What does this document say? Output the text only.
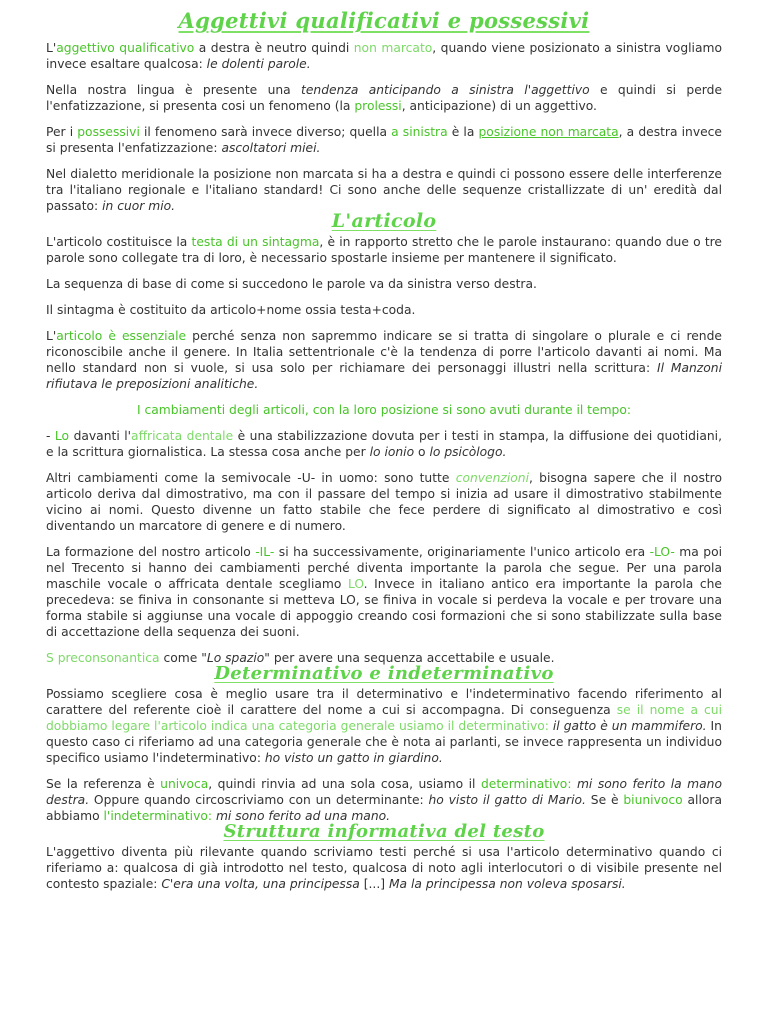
Aggettivi qualificativi e possessivi

L'aggettivo qualificativo a destra è neutro quindi non marcato, quando viene posizionato a sinistra vogliamo invece esaltare qualcosa: le dolenti parole.

Nella nostra lingua è presente una tendenza anticipando a sinistra l'aggettivo e quindi si perde l'enfatizzazione, si presenta cosi un fenomeno (la prolessi, anticipazione) di un aggettivo.

Per i possessivi il fenomeno sarà invece diverso; quella a sinistra è la posizione non marcata, a destra invece si presenta l'enfatizzazione: ascoltatori miei.

Nel dialetto meridionale la posizione non marcata si ha a destra e quindi ci possono essere delle interferenze tra l'italiano regionale e l'italiano standard! Ci sono anche delle sequenze cristallizzate di un' eredità dal passato: in cuor mio.

L'articolo

L'articolo costituisce la testa di un sintagma, è in rapporto stretto che le parole instaurano: quando due o tre parole sono collegate tra di loro, è necessario spostarle insieme per mantenere il significato.

La sequenza di base di come si succedono le parole va da sinistra verso destra.

Il sintagma è costituito da articolo+nome ossia testa+coda.

L'articolo è essenziale perché senza non sapremmo indicare se si tratta di singolare o plurale e ci rende riconoscibile anche il genere. In Italia settentrionale c'è la tendenza di porre l'articolo davanti ai nomi. Ma nello standard non si vuole, si usa solo per richiamare dei personaggi illustri nella scrittura: Il Manzoni rifiutava le preposizioni analitiche.

I cambiamenti degli articoli, con la loro posizione si sono avuti durante il tempo:

- Lo davanti l'affricata dentale è una stabilizzazione dovuta per i testi in stampa, la diffusione dei quotidiani, e la scrittura giornalistica. La stessa cosa anche per lo ionio o lo psicòlogo.

Altri cambiamenti come la semivocale -U- in uomo: sono tutte convenzioni, bisogna sapere che il nostro articolo deriva dal dimostrativo, ma con il passare del tempo si inizia ad usare il dimostrativo stabilmente vicino ai nomi. Questo divenne un fatto stabile che fece perdere di significato al dimostrativo e così diventando un marcatore di genere e di numero.

La formazione del nostro articolo -IL- si ha successivamente, originariamente l'unico articolo era -LO- ma poi nel Trecento si hanno dei cambiamenti perché diventa importante la parola che segue. Per una parola maschile vocale o affricata dentale scegliamo LO. Invece in italiano antico era importante la parola che precedeva: se finiva in consonante si metteva LO, se finiva in vocale si perdeva la vocale e per trovare una forma stabile si aggiunse una vocale di appoggio creando cosi formazioni che si sono stabilizzate sulla base di accettazione della sequenza dei suoni.

S preconsonantica come "Lo spazio" per avere una sequenza accettabile e usuale.

Determinativo e indeterminativo

Possiamo scegliere cosa è meglio usare tra il determinativo e l'indeterminativo facendo riferimento al carattere del referente cioè il carattere del nome a cui si accompagna. Di conseguenza se il nome a cui dobbiamo legare l'articolo indica una categoria generale usiamo il determinativo: il gatto è un mammifero. In questo caso ci riferiamo ad una categoria generale che è nota ai parlanti, se invece rappresenta un individuo specifico usiamo l'indeterminativo: ho visto un gatto in giardino.

Se la referenza è univoca, quindi rinvia ad una sola cosa, usiamo il determinativo: mi sono ferito la mano destra. Oppure quando circoscriviamo con un determinante: ho visto il gatto di Mario. Se è biunivoco allora abbiamo l'indeterminativo: mi sono ferito ad una mano.

Struttura informativa del testo

L'aggettivo diventa più rilevante quando scriviamo testi perché si usa l'articolo determinativo quando ci riferiamo a: qualcosa di già introdotto nel testo, qualcosa di noto agli interlocutori o di visibile presente nel contesto spaziale: C'era una volta, una principessa [...] Ma la principessa non voleva sposarsi.
